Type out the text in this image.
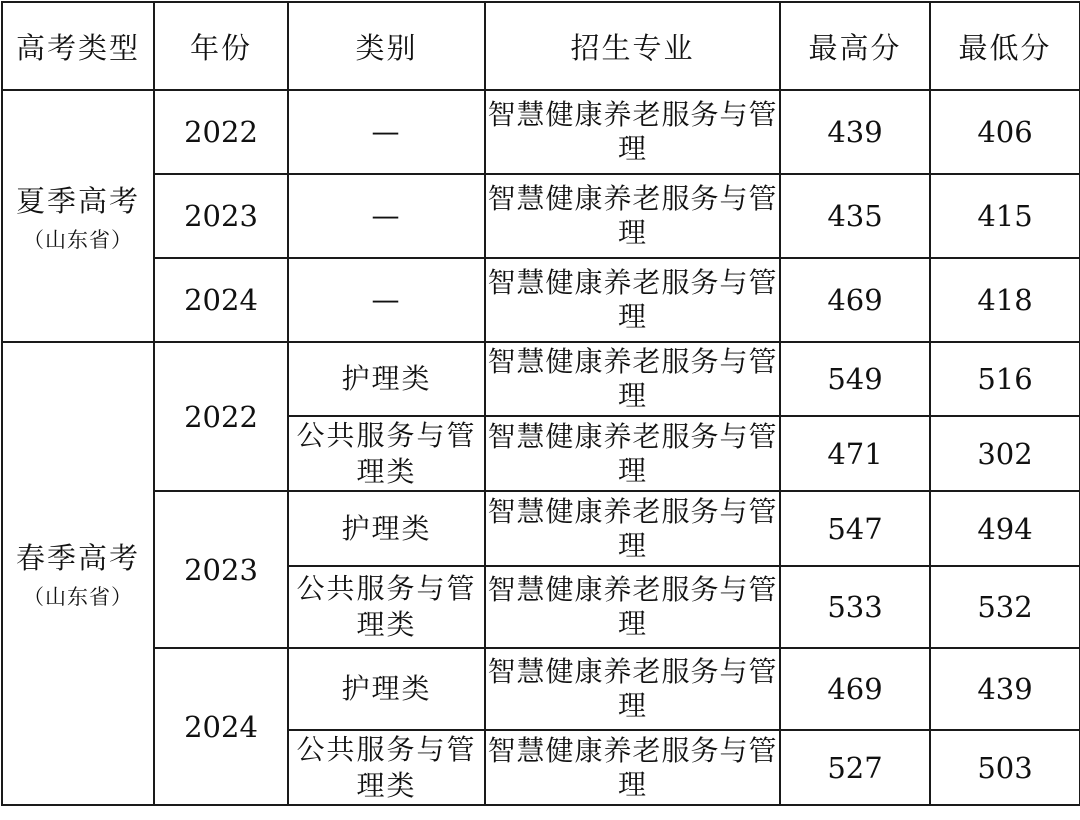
高考类型	年份	类别	招生专业	最高分	最低分

夏季高考
（山东省）	2022	—	智慧健康养老服务与管理	439	406
	2023	—	智慧健康养老服务与管理	435	415
	2024	—	智慧健康养老服务与管理	469	418

春季高考
（山东省）	2022	护理类	智慧健康养老服务与管理	549	516
		公共服务与管理类	智慧健康养老服务与管理	471	302
	2023	护理类	智慧健康养老服务与管理	547	494
		公共服务与管理类	智慧健康养老服务与管理	533	532
	2024	护理类	智慧健康养老服务与管理	469	439
		公共服务与管理类	智慧健康养老服务与管理	527	503
